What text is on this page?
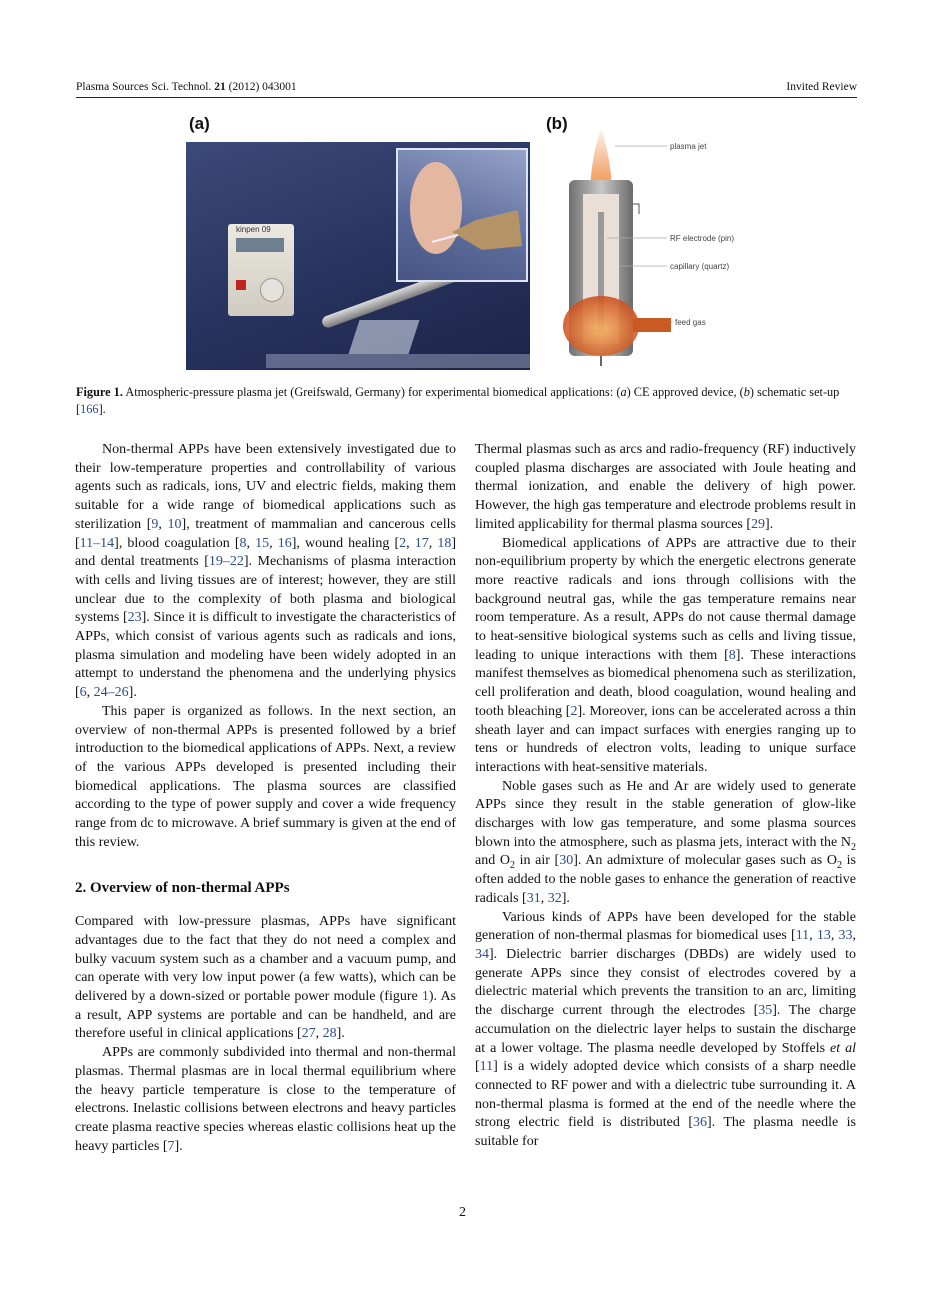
Plasma Sources Sci. Technol. 21 (2012) 043001	Invited Review
(a)
kinpen 09
(b)
plasma jet
RF electrode (pin)
capillary (quartz)
feed gas
Figure 1. Atmospheric-pressure plasma jet (Greifswald, Germany) for experimental biomedical applications: (a) CE approved device, (b) schematic set-up [166].

Non-thermal APPs have been extensively investigated due to their low-temperature properties and controllability of various agents such as radicals, ions, UV and electric fields, making them suitable for a wide range of biomedical applications such as sterilization [9, 10], treatment of mammalian and cancerous cells [11–14], blood coagulation [8, 15, 16], wound healing [2, 17, 18] and dental treatments [19–22]. Mechanisms of plasma interaction with cells and living tissues are of interest; however, they are still unclear due to the complexity of both plasma and biological systems [23]. Since it is difficult to investigate the characteristics of APPs, which consist of various agents such as radicals and ions, plasma simulation and modeling have been widely adopted in an attempt to understand the phenomena and the underlying physics [6, 24–26].

This paper is organized as follows. In the next section, an overview of non-thermal APPs is presented followed by a brief introduction to the biomedical applications of APPs. Next, a review of the various APPs developed is presented including their biomedical applications. The plasma sources are classified according to the type of power supply and cover a wide frequency range from dc to microwave. A brief summary is given at the end of this review.

2. Overview of non-thermal APPs

Compared with low-pressure plasmas, APPs have significant advantages due to the fact that they do not need a complex and bulky vacuum system such as a chamber and a vacuum pump, and can operate with very low input power (a few watts), which can be delivered by a down-sized or portable power module (figure 1). As a result, APP systems are portable and can be handheld, and are therefore useful in clinical applications [27, 28].

APPs are commonly subdivided into thermal and non-thermal plasmas. Thermal plasmas are in local thermal equilibrium where the heavy particle temperature is close to the temperature of electrons. Inelastic collisions between electrons and heavy particles create plasma reactive species whereas elastic collisions heat up the heavy particles [7].

Thermal plasmas such as arcs and radio-frequency (RF) inductively coupled plasma discharges are associated with Joule heating and thermal ionization, and enable the delivery of high power. However, the high gas temperature and electrode problems result in limited applicability for thermal plasma sources [29].

Biomedical applications of APPs are attractive due to their non-equilibrium property by which the energetic electrons generate more reactive radicals and ions through collisions with the background neutral gas, while the gas temperature remains near room temperature. As a result, APPs do not cause thermal damage to heat-sensitive biological systems such as cells and living tissue, leading to unique interactions with them [8]. These interactions manifest themselves as biomedical phenomena such as sterilization, cell proliferation and death, blood coagulation, wound healing and tooth bleaching [2]. Moreover, ions can be accelerated across a thin sheath layer and can impact surfaces with energies ranging up to tens or hundreds of electron volts, leading to unique surface interactions with heat-sensitive materials.

Noble gases such as He and Ar are widely used to generate APPs since they result in the stable generation of glow-like discharges with low gas temperature, and some plasma sources blown into the atmosphere, such as plasma jets, interact with the $N_2$ and $O_2$ in air [30]. An admixture of molecular gases such as $O_2$ is often added to the noble gases to enhance the generation of reactive radicals [31, 32].

Various kinds of APPs have been developed for the stable generation of non-thermal plasmas for biomedical uses [11, 13, 33, 34]. Dielectric barrier discharges (DBDs) are widely used to generate APPs since they consist of electrodes covered by a dielectric material which prevents the transition to an arc, limiting the discharge current through the electrodes [35]. The charge accumulation on the dielectric layer helps to sustain the discharge at a lower voltage. The plasma needle developed by Stoffels et al [11] is a widely adopted device which consists of a sharp needle connected to RF power and with a dielectric tube surrounding it. A non-thermal plasma is formed at the end of the needle where the strong electric field is distributed [36]. The plasma needle is suitable for

2
